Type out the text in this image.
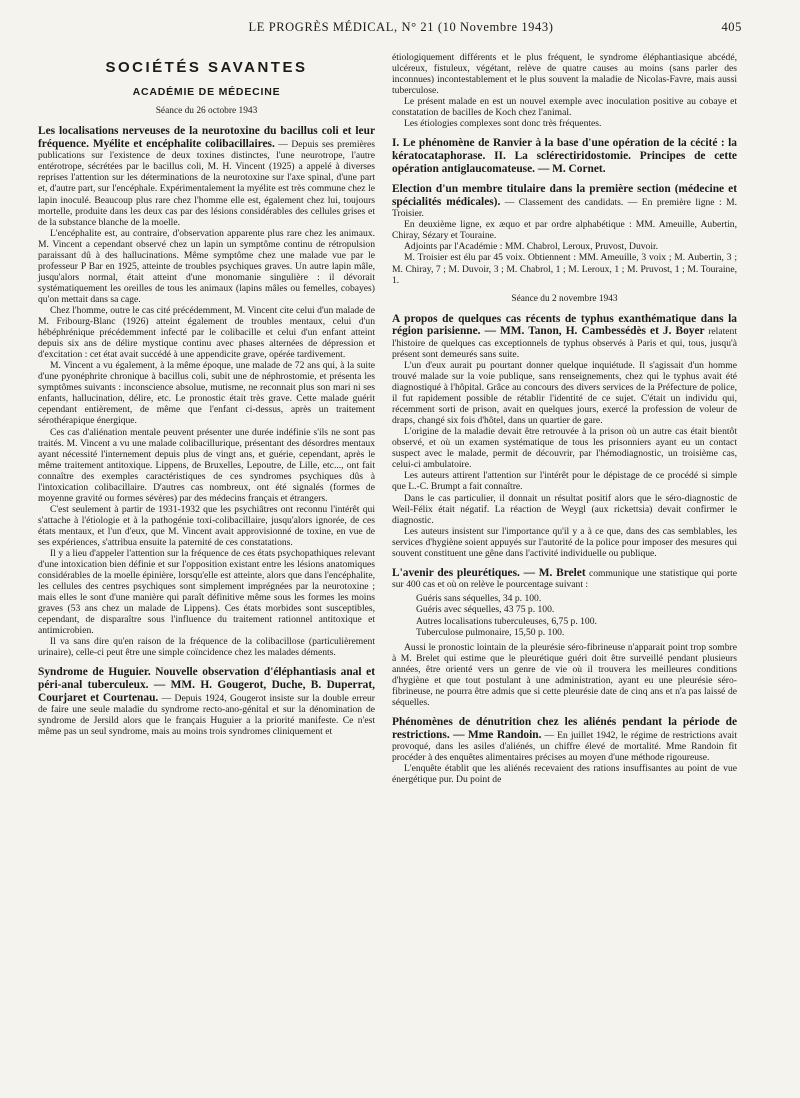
LE PROGRÈS MÉDICAL, N° 21 (10 Novembre 1943)	405
SOCIÉTÉS SAVANTES
ACADÉMIE DE MÉDECINE
Séance du 26 octobre 1943

Les localisations nerveuses de la neurotoxine du bacillus coli et leur fréquence. Myélite et encéphalite colibacillaires. — Depuis ses premières publications sur l'existence de deux toxines distinctes, l'une neurotrope, l'autre entérotrope, sécrétées par le bacillus coli, M. H. Vincent (1925) a appelé à diverses reprises l'attention sur les déterminations de la neurotoxine sur l'axe spinal, d'une part et, d'autre part, sur l'encéphale. Expérimentalement la myélite est très commune chez le lapin inoculé. Beaucoup plus rare chez l'homme elle est, également chez lui, toujours mortelle, produite dans les deux cas par des lésions considérables des cellules grises et de la substance blanche de la moelle.

L'encéphalite est, au contraire, d'observation apparente plus rare chez les animaux. M. Vincent a cependant observé chez un lapin un symptôme continu de rétropulsion paraissant dû à des hallucinations. Même symptôme chez une malade vue par le professeur P Bar en 1925, atteinte de troubles psychiques graves. Un autre lapin mâle, jusqu'alors normal, était atteint d'une monomanie singulière : il dévorait systématiquement les oreilles de tous les animaux (lapins mâles ou femelles, cobayes) qu'on mettait dans sa cage.

Chez l'homme, outre le cas cité précédemment, M. Vincent cite celui d'un malade de M. Fribourg-Blanc (1926) atteint également de troubles mentaux, celui d'un hébéphrénique précédemment infecté par le colibacille et celui d'un enfant atteint depuis six ans de délire mystique continu avec phases alternées de dépression et d'excitation : cet état avait succédé à une appendicite grave, opérée tardivement.

M. Vincent a vu également, à la même époque, une malade de 72 ans qui, à la suite d'une pyonéphrite chronique à bacillus coli, subit une de néphrostomie, et présenta les symptômes suivants : inconscience absolue, mutisme, ne reconnait plus son mari ni ses enfants, hallucination, délire, etc. Le pronostic était très grave. Cette malade guérit cependant entièrement, de même que l'enfant ci-dessus, après un traitement sérothérapique énergique.

Ces cas d'aliénation mentale peuvent présenter une durée indéfinie s'ils ne sont pas traités. M. Vincent a vu une malade colibacillurique, présentant des désordres mentaux ayant nécessité l'internement depuis plus de vingt ans, et guérie, cependant, après le même traitement antitoxique. Lippens, de Bruxelles, Lepoutre, de Lille, etc..., ont fait connaître des exemples caractéristiques de ces syndromes psychiques dûs à l'intoxication colibacillaire. D'autres cas nombreux, ont été signalés (formes de moyenne gravité ou formes sévères) par des médecins français et étrangers.

C'est seulement à partir de 1931-1932 que les psychiâtres ont reconnu l'intérêt qui s'attache à l'étiologie et à la pathogénie toxi-colibacillaire, jusqu'alors ignorée, de ces états mentaux, et l'un d'eux, que M. Vincent avait approvisionné de toxine, en vue de ses expériences, s'attribua ensuite la paternité de ces constatations.

Il y a lieu d'appeler l'attention sur la fréquence de ces états psychopathiques relevant d'une intoxication bien définie et sur l'opposition existant entre les lésions anatomiques considérables de la moelle épinière, lorsqu'elle est atteinte, alors que dans l'encéphalite, les cellules des centres psychiques sont simplement imprégnées par la neurotoxine ; mais elles le sont d'une manière qui paraît définitive même sous les formes les moins graves (53 ans chez un malade de Lippens). Ces états morbides sont susceptibles, cependant, de disparaître sous l'influence du traitement rationnel antitoxique et antimicrobien.

Il va sans dire qu'en raison de la fréquence de la colibacillose (particulièrement urinaire), celle-ci peut être une simple coïncidence chez les malades déments.

Syndrome de Huguier. Nouvelle observation d'éléphantiasis anal et péri-anal tuberculeux. — MM. H. Gougerot, Duche, B. Duperrat, Courjaret et Courtenau. — Depuis 1924, Gougerot insiste sur la double erreur de faire une seule maladie du syndrome recto-ano-génital et sur la dénomination de syndrome de Jersild alors que le français Huguier a la priorité manifeste. Ce n'est même pas un seul syndrome, mais au moins trois syndromes cliniquement et

étiologiquement différents et le plus fréquent, le syndrome éléphantiasique abcédé, ulcéreux, fistuleux, végétant, relève de quatre causes au moins (sans parler des inconnues) incontestablement et le plus souvent la maladie de Nicolas-Favre, mais aussi tuberculose.

Le présent malade en est un nouvel exemple avec inoculation positive au cobaye et constatation de bacilles de Koch chez l'animal.

Les étiologies complexes sont donc très fréquentes.

I. Le phénomène de Ranvier à la base d'une opération de la cécité : la kératocataphorase. II. La sclérectiridostomie. Principes de cette opération antiglaucomateuse. — M. Cornet.

Election d'un membre titulaire dans la première section (médecine et spécialités médicales). — Classement des candidats. — En première ligne : M. Troisier.

En deuxième ligne, ex æquo et par ordre alphabétique : MM. Ameuille, Aubertin, Chiray, Sézary et Touraine.

Adjoints par l'Académie : MM. Chabrol, Leroux, Pruvost, Duvoir.

M. Troisier est élu par 45 voix. Obtiennent : MM. Ameuille, 3 voix ; M. Aubertin, 3 ; M. Chiray, 7 ; M. Duvoir, 3 ; M. Chabrol, 1 ; M. Leroux, 1 ; M. Pruvost, 1 ; M. Touraine, 1.

Séance du 2 novembre 1943

A propos de quelques cas récents de typhus exanthématique dans la région parisienne. — MM. Tanon, H. Cambessédès et J. Boyer relatent l'histoire de quelques cas exceptionnels de typhus observés à Paris et qui, tous, jusqu'à présent sont demeurés sans suite.

L'un d'eux aurait pu pourtant donner quelque inquiétude. Il s'agissait d'un homme trouvé malade sur la voie publique, sans renseignements, chez qui le typhus avait été diagnostiqué à l'hôpital. Grâce au concours des divers services de la Préfecture de police, il fut rapidement possible de rétablir l'identité de ce sujet. C'était un individu qui, récemment sorti de prison, avait en quelques jours, exercé la profession de voleur de draps, changé six fois d'hôtel, dans un quartier de gare.

L'origine de la maladie devait être retrouvée à la prison où un autre cas était bientôt observé, et où un examen systématique de tous les prisonniers ayant eu un contact suspect avec le malade, permit de découvrir, par l'hémodiagnostic, un troisième cas, celui-ci ambulatoire.

Les auteurs attirent l'attention sur l'intérêt pour le dépistage de ce procédé si simple que L.-C. Brumpt a fait connaître.

Dans le cas particulier, il donnait un résultat positif alors que le séro-diagnostic de Weil-Félix était négatif. La réaction de Weygl (aux rickettsia) devait confirmer le diagnostic.

Les auteurs insistent sur l'importance qu'il y a à ce que, dans des cas semblables, les services d'hygiène soient appuyés sur l'autorité de la police pour imposer des mesures qui souvent constituent une gêne dans l'activité individuelle ou publique.

L'avenir des pleurétiques. — M. Brelet communique une statistique qui porte sur 400 cas et où on relève le pourcentage suivant :

Guéris sans séquelles, 34 p. 100.
Guéris avec séquelles, 43 75 p. 100.
Autres localisations tuberculeuses, 6,75 p. 100.
Tuberculose pulmonaire, 15,50 p. 100.

Aussi le pronostic lointain de la pleurésie séro-fibrineuse n'apparait point trop sombre à M. Brelet qui estime que le pleurétique guéri doit être surveillé pendant plusieurs années, être orienté vers un genre de vie où il trouvera les meilleures conditions d'hygiène et que tout postulant à une administration, ayant eu une pleurésie séro-fibrineuse, ne pourra être admis que si cette pleurésie date de cinq ans et n'a pas laissé de séquelles.

Phénomènes de dénutrition chez les aliénés pendant la période de restrictions. — Mme Randoin. — En juillet 1942, le régime de restrictions avait provoqué, dans les asiles d'aliénés, un chiffre élevé de mortalité. Mme Randoin fit procéder à des enquêtes alimentaires précises au moyen d'une méthode rigoureuse.

L'enquête établit que les aliénés recevaient des rations insuffisantes au point de vue énergétique pur. Du point de
